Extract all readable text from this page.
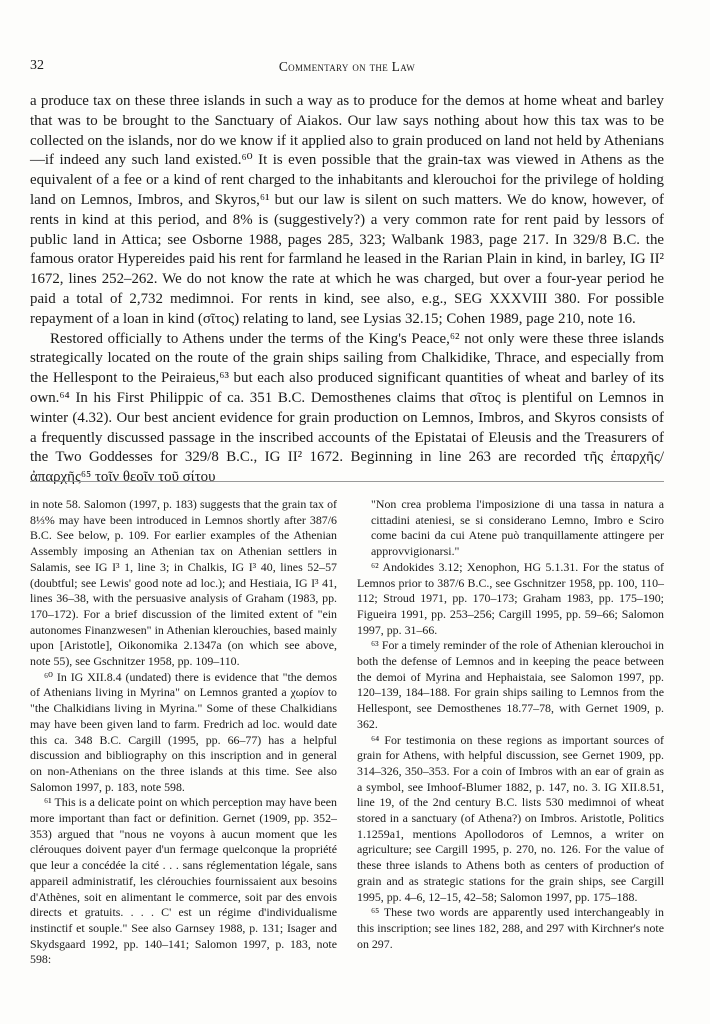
32	Commentary on the Law

a produce tax on these three islands in such a way as to produce for the demos at home wheat and barley that was to be brought to the Sanctuary of Aiakos. Our law says nothing about how this tax was to be collected on the islands, nor do we know if it applied also to grain produced on land not held by Athenians—if indeed any such land existed.⁶⁰ It is even possible that the grain-tax was viewed in Athens as the equivalent of a fee or a kind of rent charged to the inhabitants and klerouchoi for the privilege of holding land on Lemnos, Imbros, and Skyros,⁶¹ but our law is silent on such matters. We do know, however, of rents in kind at this period, and 8% is (suggestively?) a very common rate for rent paid by lessors of public land in Attica; see Osborne 1988, pages 285, 323; Walbank 1983, page 217. In 329/8 B.C. the famous orator Hypereides paid his rent for farmland he leased in the Rarian Plain in kind, in barley, IG II² 1672, lines 252–262. We do not know the rate at which he was charged, but over a four-year period he paid a total of 2,732 medimnoi. For rents in kind, see also, e.g., SEG XXXVIII 380. For possible repayment of a loan in kind (σῖτος) relating to land, see Lysias 32.15; Cohen 1989, page 210, note 16.

Restored officially to Athens under the terms of the King's Peace,⁶² not only were these three islands strategically located on the route of the grain ships sailing from Chalkidike, Thrace, and especially from the Hellespont to the Peiraieus,⁶³ but each also produced significant quantities of wheat and barley of its own.⁶⁴ In his First Philippic of ca. 351 B.C. Demosthenes claims that σῖτος is plentiful on Lemnos in winter (4.32). Our best ancient evidence for grain production on Lemnos, Imbros, and Skyros consists of a frequently discussed passage in the inscribed accounts of the Epistatai of Eleusis and the Treasurers of the Two Goddesses for 329/8 B.C., IG II² 1672. Beginning in line 263 are recorded τῆς ἐπαρχῆς/ἀπαρχῆς⁶⁵ τοῖν θεοῖν τοῦ σίτου

in note 58. Salomon (1997, p. 183) suggests that the grain tax of 8⅓% may have been introduced in Lemnos shortly after 387/6 B.C. See below, p. 109. For earlier examples of the Athenian Assembly imposing an Athenian tax on Athenian settlers in Salamis, see IG I³ 1, line 3; in Chalkis, IG I³ 40, lines 52–57 (doubtful; see Lewis' good note ad loc.); and Hestiaia, IG I³ 41, lines 36–38, with the persuasive analysis of Graham (1983, pp. 170–172). For a brief discussion of the limited extent of "ein autonomes Finanzwesen" in Athenian klerouchies, based mainly upon [Aristotle], Oikonomika 2.1347a (on which see above, note 55), see Gschnitzer 1958, pp. 109–110.

⁶⁰ In IG XII.8.4 (undated) there is evidence that "the demos of Athenians living in Myrina" on Lemnos granted a χωρίον to "the Chalkidians living in Myrina." Some of these Chalkidians may have been given land to farm. Fredrich ad loc. would date this ca. 348 B.C. Cargill (1995, pp. 66–77) has a helpful discussion and bibliography on this inscription and in general on non-Athenians on the three islands at this time. See also Salomon 1997, p. 183, note 598.

⁶¹ This is a delicate point on which perception may have been more important than fact or definition. Gernet (1909, pp. 352–353) argued that "nous ne voyons à aucun moment que les clérouques doivent payer d'un fermage quelconque la propriété que leur a concédée la cité . . . sans réglementation légale, sans appareil administratif, les clérouchies fournissaient aux besoins d'Athènes, soit en alimentant le commerce, soit par des envois directs et gratuits. . . . C' est un régime d'individualisme instinctif et souple." See also Garnsey 1988, p. 131; Isager and Skydsgaard 1992, pp. 140–141; Salomon 1997, p. 183, note 598:

"Non crea problema l'imposizione di una tassa in natura a cittadini ateniesi, se si considerano Lemno, Imbro e Sciro come bacini da cui Atene può tranquillamente attingere per approvvigionarsi."

⁶² Andokides 3.12; Xenophon, HG 5.1.31. For the status of Lemnos prior to 387/6 B.C., see Gschnitzer 1958, pp. 100, 110–112; Stroud 1971, pp. 170–173; Graham 1983, pp. 175–190; Figueira 1991, pp. 253–256; Cargill 1995, pp. 59–66; Salomon 1997, pp. 31–66.

⁶³ For a timely reminder of the role of Athenian klerouchoi in both the defense of Lemnos and in keeping the peace between the demoi of Myrina and Hephaistaia, see Salomon 1997, pp. 120–139, 184–188. For grain ships sailing to Lemnos from the Hellespont, see Demosthenes 18.77–78, with Gernet 1909, p. 362.

⁶⁴ For testimonia on these regions as important sources of grain for Athens, with helpful discussion, see Gernet 1909, pp. 314–326, 350–353. For a coin of Imbros with an ear of grain as a symbol, see Imhoof-Blumer 1882, p. 147, no. 3. IG XII.8.51, line 19, of the 2nd century B.C. lists 530 medimnoi of wheat stored in a sanctuary (of Athena?) on Imbros. Aristotle, Politics 1.1259a1, mentions Apollodoros of Lemnos, a writer on agriculture; see Cargill 1995, p. 270, no. 126. For the value of these three islands to Athens both as centers of production of grain and as strategic stations for the grain ships, see Cargill 1995, pp. 4–6, 12–15, 42–58; Salomon 1997, pp. 175–188.

⁶⁵ These two words are apparently used interchangeably in this inscription; see lines 182, 288, and 297 with Kirchner's note on 297.
